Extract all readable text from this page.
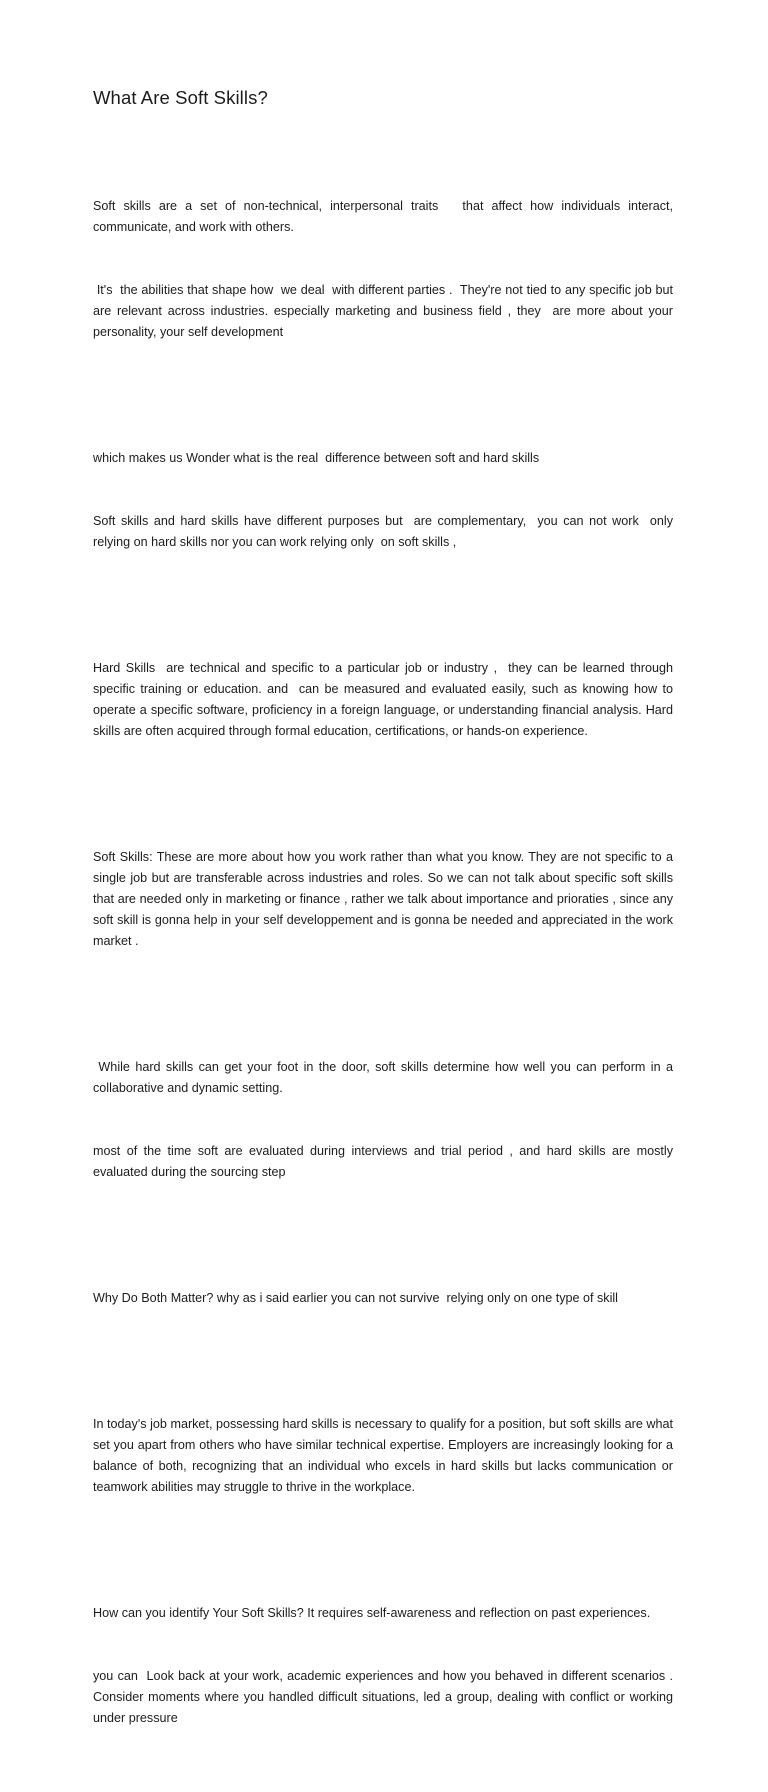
What Are Soft Skills?

Soft skills are a set of non-technical, interpersonal traits   that affect how individuals interact, communicate, and work with others.

It's  the abilities that shape how  we deal  with different parties .  They're not tied to any specific job but are relevant across industries. especially marketing and business field , they  are more about your personality, your self development

which makes us Wonder what is the real  difference between soft and hard skills

Soft skills and hard skills have different purposes but  are complementary,  you can not work  only relying on hard skills nor you can work relying only  on soft skills ,

Hard Skills  are technical and specific to a particular job or industry ,  they can be learned through specific training or education. and  can be measured and evaluated easily, such as knowing how to operate a specific software, proficiency in a foreign language, or understanding financial analysis. Hard skills are often acquired through formal education, certifications, or hands-on experience.

Soft Skills: These are more about how you work rather than what you know. They are not specific to a single job but are transferable across industries and roles. So we can not talk about specific soft skills that are needed only in marketing or finance , rather we talk about importance and prioraties , since any soft skill is gonna help in your self developpement and is gonna be needed and appreciated in the work market .

While hard skills can get your foot in the door, soft skills determine how well you can perform in a collaborative and dynamic setting.

most of the time soft are evaluated during interviews and trial period , and hard skills are mostly evaluated during the sourcing step

Why Do Both Matter? why as i said earlier you can not survive  relying only on one type of skill

In today's job market, possessing hard skills is necessary to qualify for a position, but soft skills are what set you apart from others who have similar technical expertise. Employers are increasingly looking for a balance of both, recognizing that an individual who excels in hard skills but lacks communication or teamwork abilities may struggle to thrive in the workplace.

How can you identify Your Soft Skills? It requires self-awareness and reflection on past experiences.

you can  Look back at your work, academic experiences and how you behaved in different scenarios . Consider moments where you handled difficult situations, led a group, dealing with conflict or working under pressure
